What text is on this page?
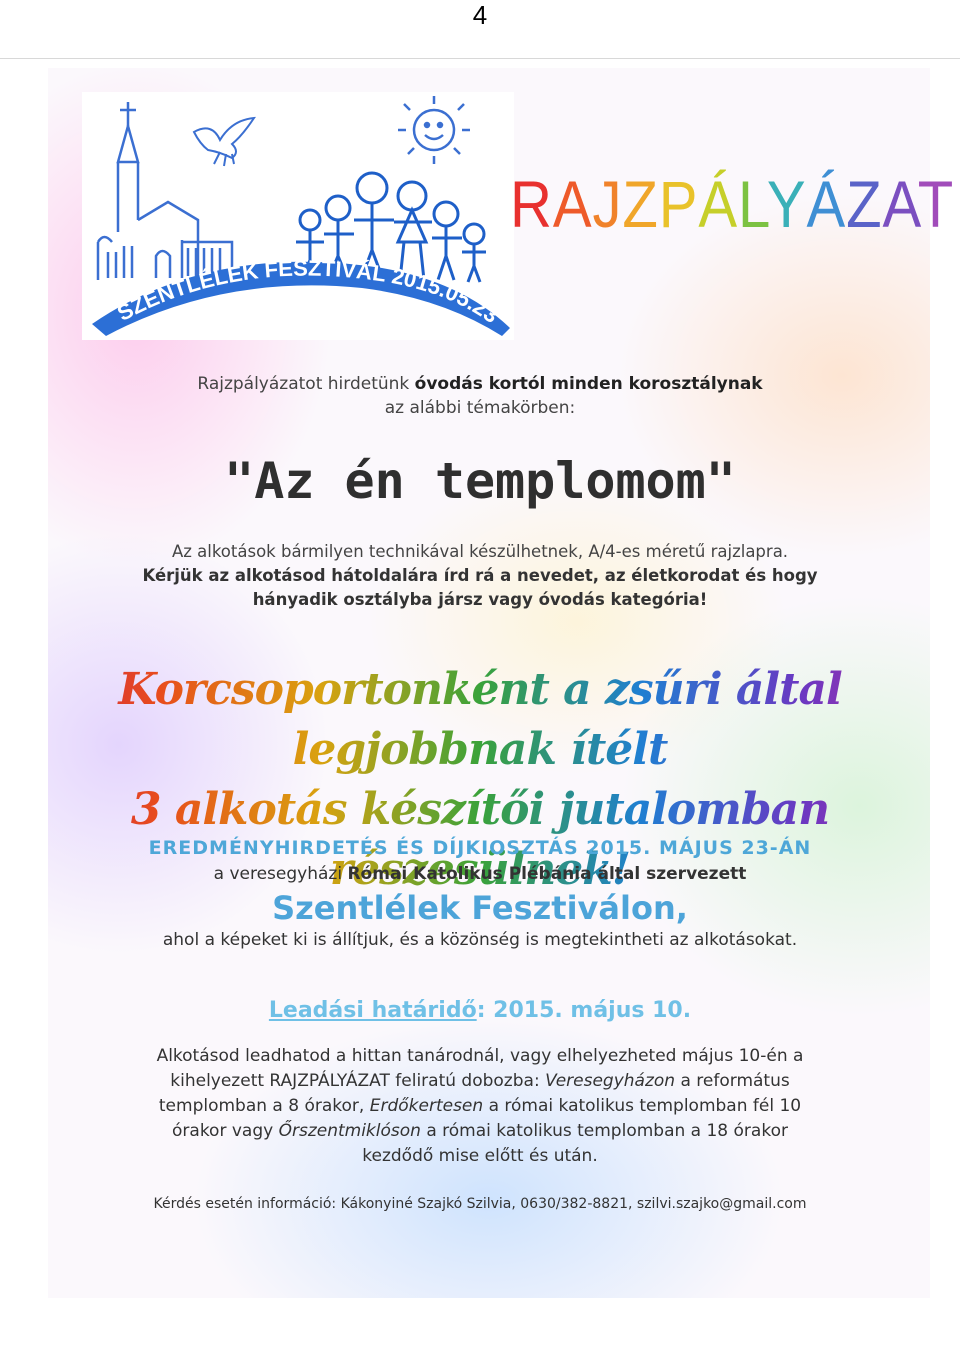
4
SZENTLÉLEK FESZTIVÁL 2015.05.23
RAJZPÁLYÁZAT
Rajzpályázatot hirdetünk óvodás kortól minden korosztálynak
az alábbi témakörben:
"Az én templomom"
Az alkotások bármilyen technikával készülhetnek, A/4-es méretű rajzlapra.
Kérjük az alkotásod hátoldalára írd rá a nevedet, az életkorodat és hogy
hányadik osztályba jársz vagy óvodás kategória!
Korcsoportonként a zsűri által legjobbnak ítélt
3 alkotás készítői jutalomban részesülnek!
EREDMÉNYHIRDETÉS ÉS DÍJKIOSZTÁS 2015. MÁJUS 23-ÁN
a veresegyházi Római Katolikus Plébánia által szervezett
Szentlélek Fesztiválon,
ahol a képeket ki is állítjuk, és a közönség is megtekintheti az alkotásokat.
Leadási határidő: 2015. május 10.
Alkotásod leadhatod a hittan tanárodnál, vagy elhelyezheted május 10-én a
kihelyezett RAJZPÁLYÁZAT feliratú dobozba: Veresegyházon a református
templomban a 8 órakor, Erdőkertesen a római katolikus templomban fél 10
órakor vagy Őrszentmiklóson a római katolikus templomban a 18 órakor
kezdődő mise előtt és után.
Kérdés esetén információ: Kákonyiné Szajkó Szilvia, 0630/382-8821, szilvi.szajko@gmail.com
